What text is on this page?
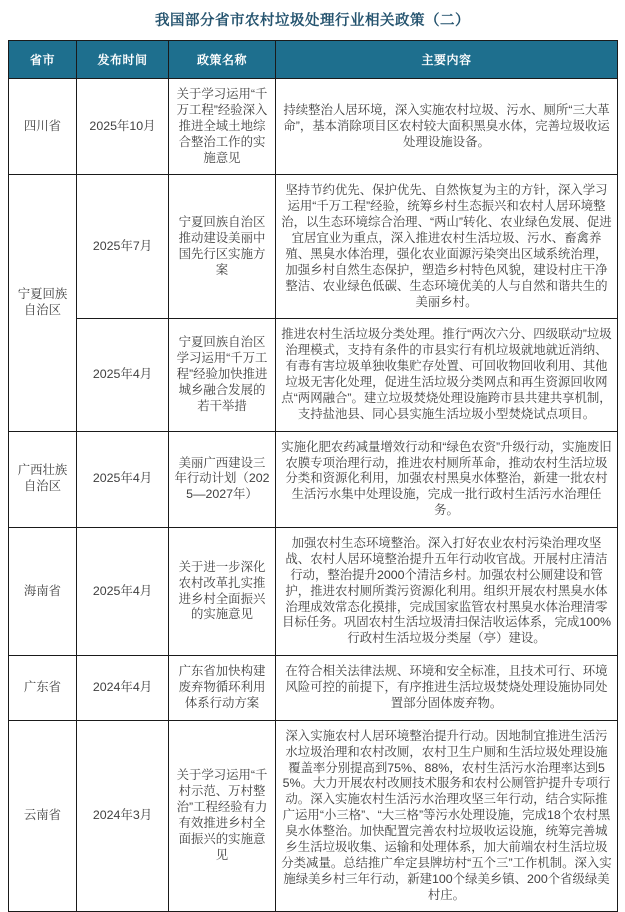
我国部分省市农村垃圾处理行业相关政策（二）
省市	发布时间	政策名称	主要内容
四川省	2025年10月	关于学习运用“千万工程”经验深入推进全域土地综合整治工作的实施意见	持续整治人居环境，深入实施农村垃圾、污水、厕所“三大革命”，基本消除项目区农村较大面积黑臭水体，完善垃圾收运处理设施设备。
宁夏回族自治区	2025年7月	宁夏回族自治区推动建设美丽中国先行区实施方案	坚持节约优先、保护优先、自然恢复为主的方针，深入学习运用“千万工程”经验，统筹乡村生态振兴和农村人居环境整治，以生态环境综合治理、“两山”转化、农业绿色发展、促进宜居宜业为重点，深入推进农村生活垃圾、污水、畜禽养殖、黑臭水体治理，强化农业面源污染突出区域系统治理，加强乡村自然生态保护，塑造乡村特色风貌，建设村庄干净整洁、农业绿色低碳、生态环境优美的人与自然和谐共生的美丽乡村。
	2025年4月	宁夏回族自治区学习运用“千万工程”经验加快推进城乡融合发展的若干举措	推进农村生活垃圾分类处理。推行“两次六分、四级联动”垃圾治理模式，支持有条件的市县实行有机垃圾就地就近消纳、有毒有害垃圾单独收集贮存处置、可回收物回收利用、其他垃圾无害化处理，促进生活垃圾分类网点和再生资源回收网点“两网融合”。建立垃圾焚烧处理设施跨市县共建共享机制，支持盐池县、同心县实施生活垃圾小型焚烧试点项目。
广西壮族自治区	2025年4月	美丽广西建设三年行动计划（2025—2027年）	实施化肥农药减量增效行动和“绿色农资”升级行动，实施废旧农膜专项治理行动，推进农村厕所革命，推动农村生活垃圾分类和资源化利用，加强农村黑臭水体整治，新建一批农村生活污水集中处理设施，完成一批行政村生活污水治理任务。
海南省	2025年4月	关于进一步深化农村改革扎实推进乡村全面振兴的实施意见	加强农村生态环境整治。深入打好农业农村污染治理攻坚战、农村人居环境整治提升五年行动收官战。开展村庄清洁行动，整治提升2000个清洁乡村。加强农村公厕建设和管护，推进农村厕所粪污资源化利用。组织开展农村黑臭水体治理成效常态化摸排，完成国家监管农村黑臭水体治理清零目标任务。巩固农村生活垃圾清扫保洁收运体系，完成100%行政村生活垃圾分类屋（亭）建设。
广东省	2024年4月	广东省加快构建废弃物循环利用体系行动方案	在符合相关法律法规、环境和安全标准，且技术可行、环境风险可控的前提下，有序推进生活垃圾焚烧处理设施协同处置部分固体废弃物。
云南省	2024年3月	关于学习运用“千村示范、万村整治”工程经验有力有效推进乡村全面振兴的实施意见	深入实施农村人居环境整治提升行动。因地制宜推进生活污水垃圾治理和农村改厕，农村卫生户厕和生活垃圾处理设施覆盖率分别提高到75%、88%，农村生活污水治理率达到55%。大力开展农村改厕技术服务和农村公厕管护提升专项行动。深入实施农村生活污水治理攻坚三年行动，结合实际推广运用“小三格”、“大三格”等污水处理设施，完成18个农村黑臭水体整治。加快配置完善农村垃圾收运设施，统筹完善城乡生活垃圾收集、运输和处理体系，加大前端农村生活垃圾分类减量。总结推广牟定县牌坊村“五个三”工作机制。深入实施绿美乡村三年行动，新建100个绿美乡镇、200个省级绿美村庄。
